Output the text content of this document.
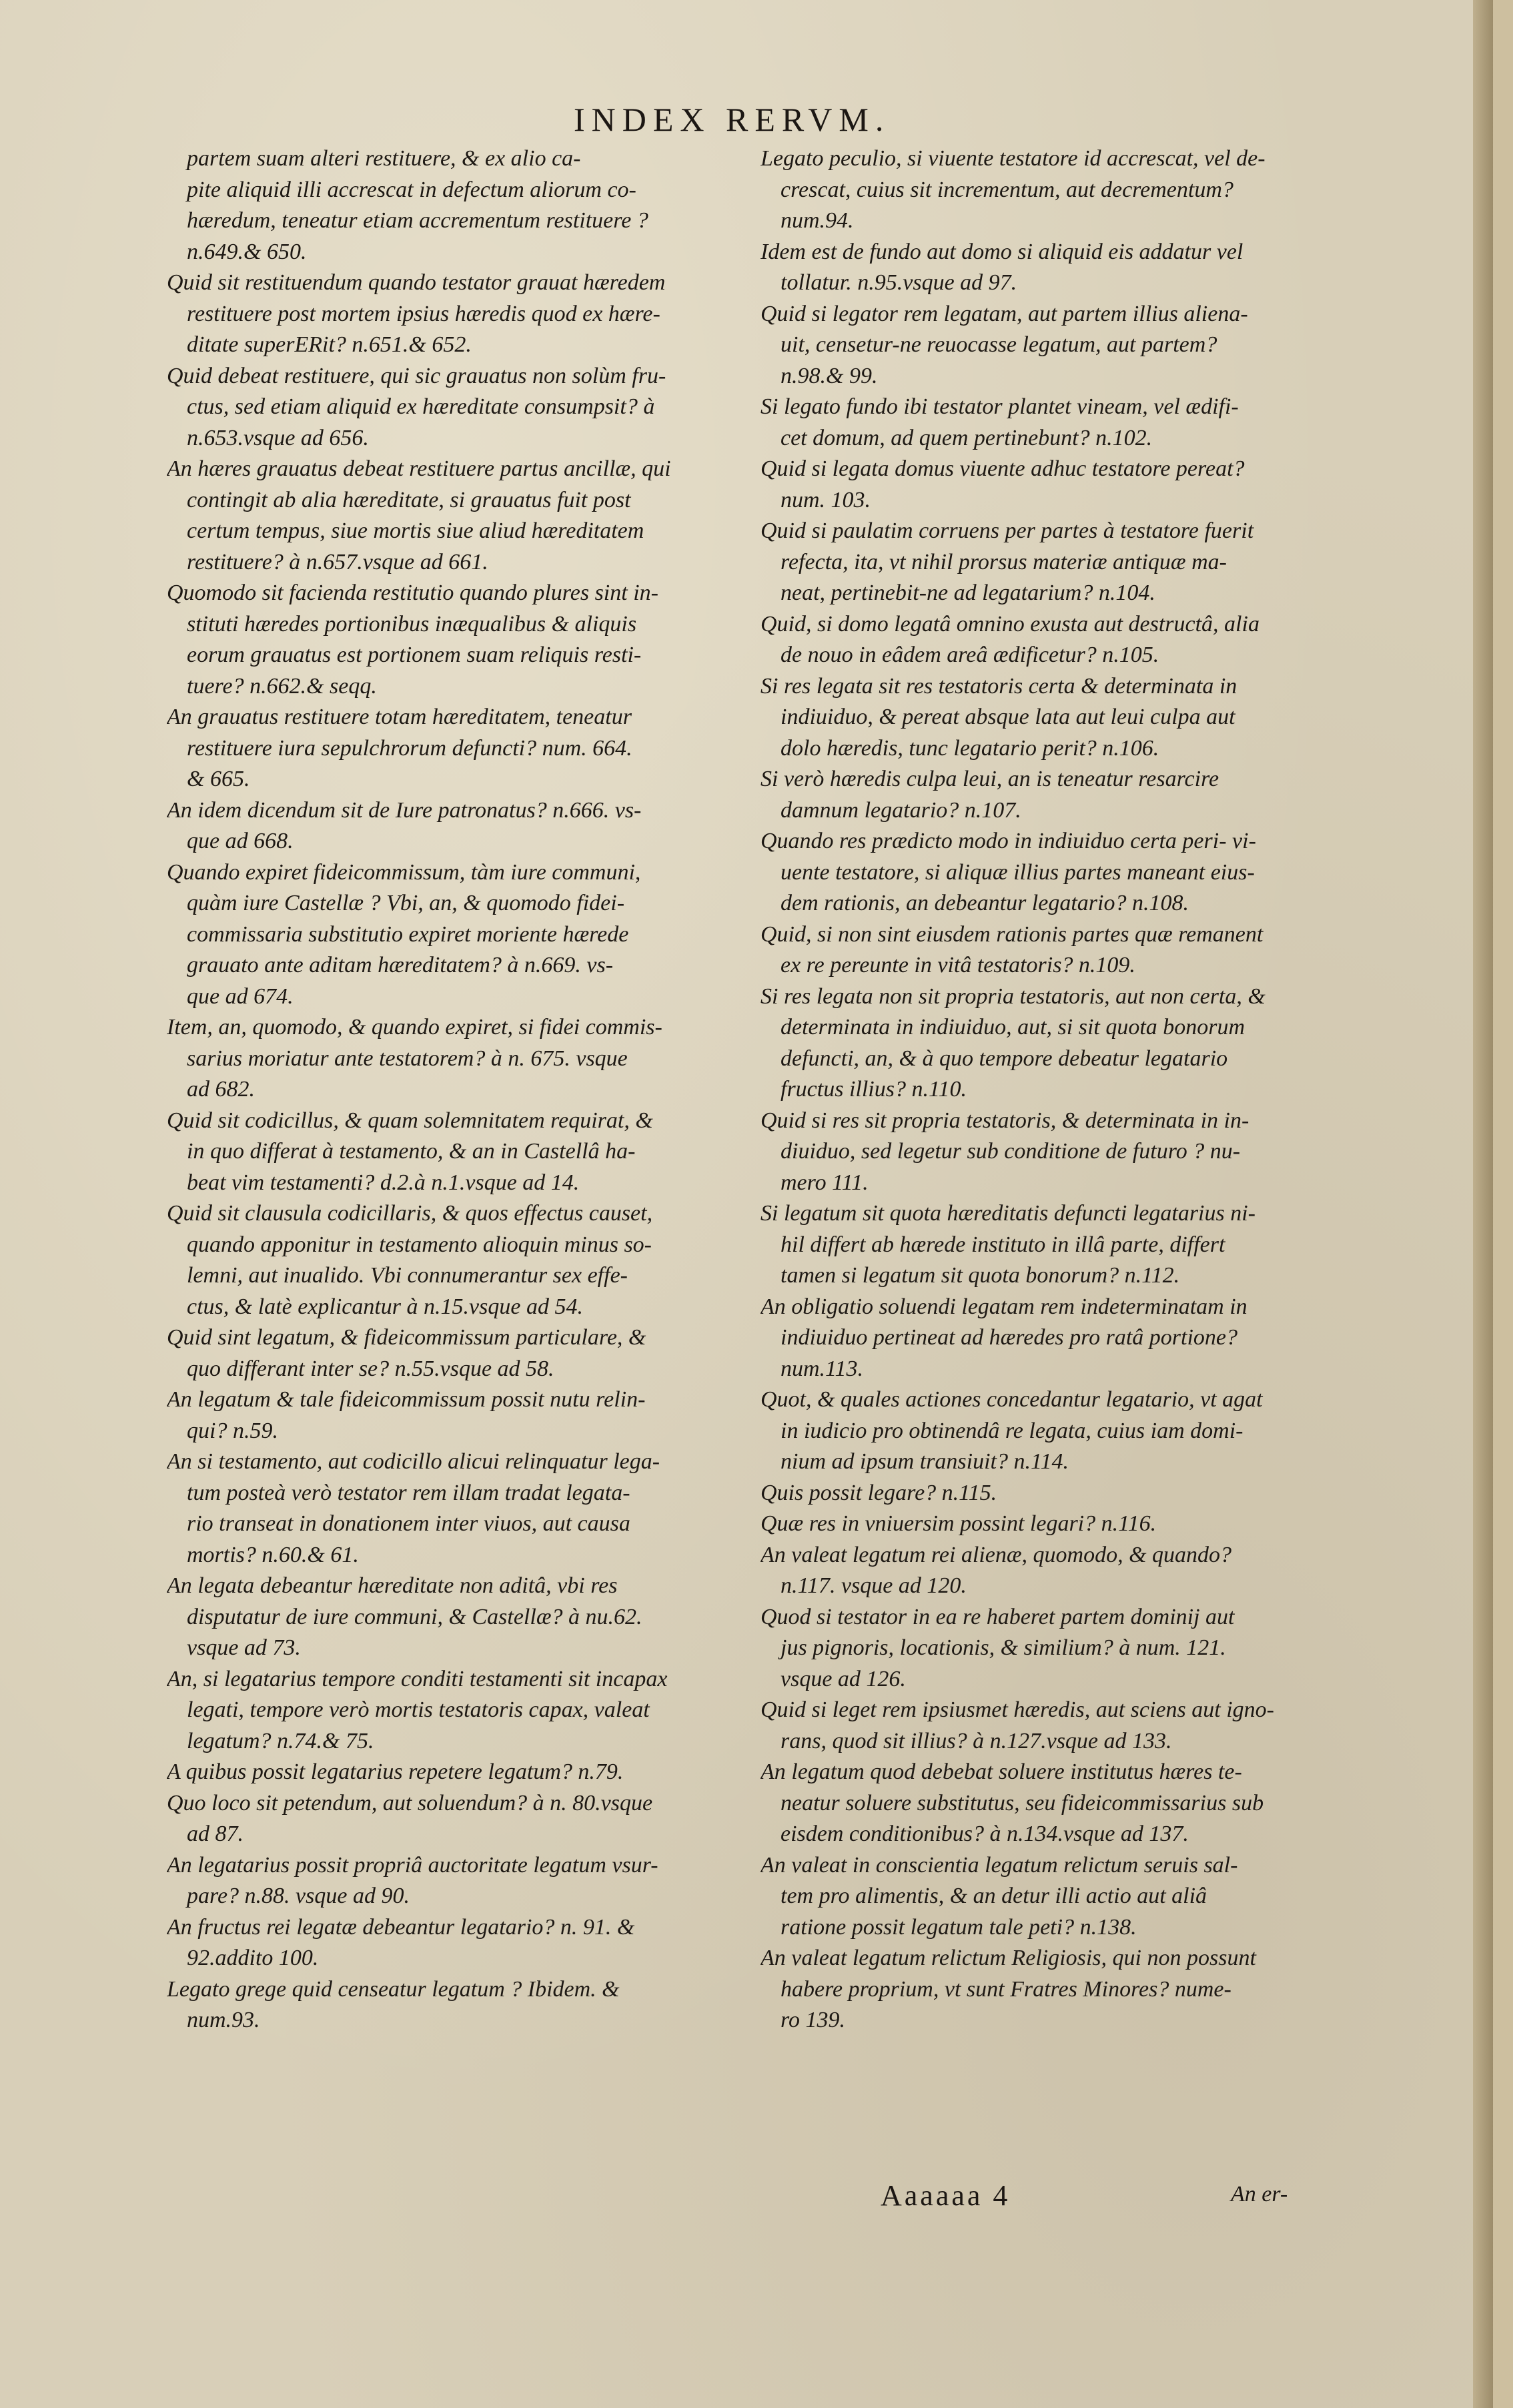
INDEX RERVM.
partem suam alteri restituere, & ex alio ca-
pite aliquid illi accrescat in defectum aliorum co-
hæredum, teneatur etiam accrementum restituere ?
n.649.& 650.
Quid sit restituendum quando testator grauat hæredem
restituere post mortem ipsius hæredis quod ex hære-
ditate superERit? n.651.& 652.
Quid debeat restituere, qui sic grauatus non solùm fru-
ctus, sed etiam aliquid ex hæreditate consumpsit? à
n.653.vsque ad 656.
An hæres grauatus debeat restituere partus ancillæ, qui
contingit ab alia hæreditate, si grauatus fuit post
certum tempus, siue mortis siue aliud hæreditatem
restituere? à n.657.vsque ad 661.
Quomodo sit facienda restitutio quando plures sint in-
stituti hæredes portionibus inæqualibus & aliquis
eorum grauatus est portionem suam reliquis resti-
tuere? n.662.& seqq.
An grauatus restituere totam hæreditatem, teneatur
restituere iura sepulchrorum defuncti? num. 664.
& 665.
An idem dicendum sit de Iure patronatus? n.666. vs-
que ad 668.
Quando expiret fideicommissum, tàm iure communi,
quàm iure Castellæ ? Vbi, an, & quomodo fidei-
commissaria substitutio expiret moriente hærede
grauato ante aditam hæreditatem? à n.669. vs-
que ad 674.
Item, an, quomodo, & quando expiret, si fidei commis-
sarius moriatur ante testatorem? à n. 675. vsque
ad 682.
Quid sit codicillus, & quam solemnitatem requirat, &
in quo differat à testamento, & an in Castellâ ha-
beat vim testamenti? d.2.à n.1.vsque ad 14.
Quid sit clausula codicillaris, & quos effectus causet,
quando apponitur in testamento alioquin minus so-
lemni, aut inualido. Vbi connumerantur sex effe-
ctus, & latè explicantur à n.15.vsque ad 54.
Quid sint legatum, & fideicommissum particulare, &
quo differant inter se? n.55.vsque ad 58.
An legatum & tale fideicommissum possit nutu relin-
qui? n.59.
An si testamento, aut codicillo alicui relinquatur lega-
tum posteà verò testator rem illam tradat legata-
rio transeat in donationem inter viuos, aut causa
mortis? n.60.& 61.
An legata debeantur hæreditate non aditâ, vbi res
disputatur de iure communi, & Castellæ? à nu.62.
vsque ad 73.
An, si legatarius tempore conditi testamenti sit incapax
legati, tempore verò mortis testatoris capax, valeat
legatum? n.74.& 75.
A quibus possit legatarius repetere legatum? n.79.
Quo loco sit petendum, aut soluendum? à n. 80.vsque
ad 87.
An legatarius possit propriâ auctoritate legatum vsur-
pare? n.88. vsque ad 90.
An fructus rei legatæ debeantur legatario? n. 91. &
92.addito 100.
Legato grege quid censeatur legatum ? Ibidem. &
num.93.
Legato peculio, si viuente testatore id accrescat, vel de-
crescat, cuius sit incrementum, aut decrementum?
num.94.
Idem est de fundo aut domo si aliquid eis addatur vel
tollatur. n.95.vsque ad 97.
Quid si legator rem legatam, aut partem illius aliena-
uit, censetur-ne reuocasse legatum, aut partem?
n.98.& 99.
Si legato fundo ibi testator plantet vineam, vel ædifi-
cet domum, ad quem pertinebunt? n.102.
Quid si legata domus viuente adhuc testatore pereat?
num. 103.
Quid si paulatim corruens per partes à testatore fuerit
refecta, ita, vt nihil prorsus materiæ antiquæ ma-
neat, pertinebit-ne ad legatarium? n.104.
Quid, si domo legatâ omnino exusta aut destructâ, alia
de nouo in eâdem areâ ædificetur? n.105.
Si res legata sit res testatoris certa & determinata in
indiuiduo, & pereat absque lata aut leui culpa aut
dolo hæredis, tunc legatario perit? n.106.
Si verò hæredis culpa leui, an is teneatur resarcire
damnum legatario? n.107.
Quando res prædicto modo in indiuiduo certa peri- vi-
uente testatore, si aliquæ illius partes maneant eius-
dem rationis, an debeantur legatario? n.108.
Quid, si non sint eiusdem rationis partes quæ remanent
ex re pereunte in vitâ testatoris? n.109.
Si res legata non sit propria testatoris, aut non certa, &
determinata in indiuiduo, aut, si sit quota bonorum
defuncti, an, & à quo tempore debeatur legatario
fructus illius? n.110.
Quid si res sit propria testatoris, & determinata in in-
diuiduo, sed legetur sub conditione de futuro ? nu-
mero 111.
Si legatum sit quota hæreditatis defuncti legatarius ni-
hil differt ab hærede instituto in illâ parte, differt
tamen si legatum sit quota bonorum? n.112.
An obligatio soluendi legatam rem indeterminatam in
indiuiduo pertineat ad hæredes pro ratâ portione?
num.113.
Quot, & quales actiones concedantur legatario, vt agat
in iudicio pro obtinendâ re legata, cuius iam domi-
nium ad ipsum transiuit? n.114.
Quis possit legare? n.115.
Quæ res in vniuersim possint legari? n.116.
An valeat legatum rei alienæ, quomodo, & quando?
n.117. vsque ad 120.
Quod si testator in ea re haberet partem dominij aut
jus pignoris, locationis, & similium? à num. 121.
vsque ad 126.
Quid si leget rem ipsiusmet hæredis, aut sciens aut igno-
rans, quod sit illius? à n.127.vsque ad 133.
An legatum quod debebat soluere institutus hæres te-
neatur soluere substitutus, seu fideicommissarius sub
eisdem conditionibus? à n.134.vsque ad 137.
An valeat in conscientia legatum relictum seruis sal-
tem pro alimentis, & an detur illi actio aut aliâ
ratione possit legatum tale peti? n.138.
An valeat legatum relictum Religiosis, qui non possunt
habere proprium, vt sunt Fratres Minores? nume-
ro 139.
Aaaaaa 4	An er-
